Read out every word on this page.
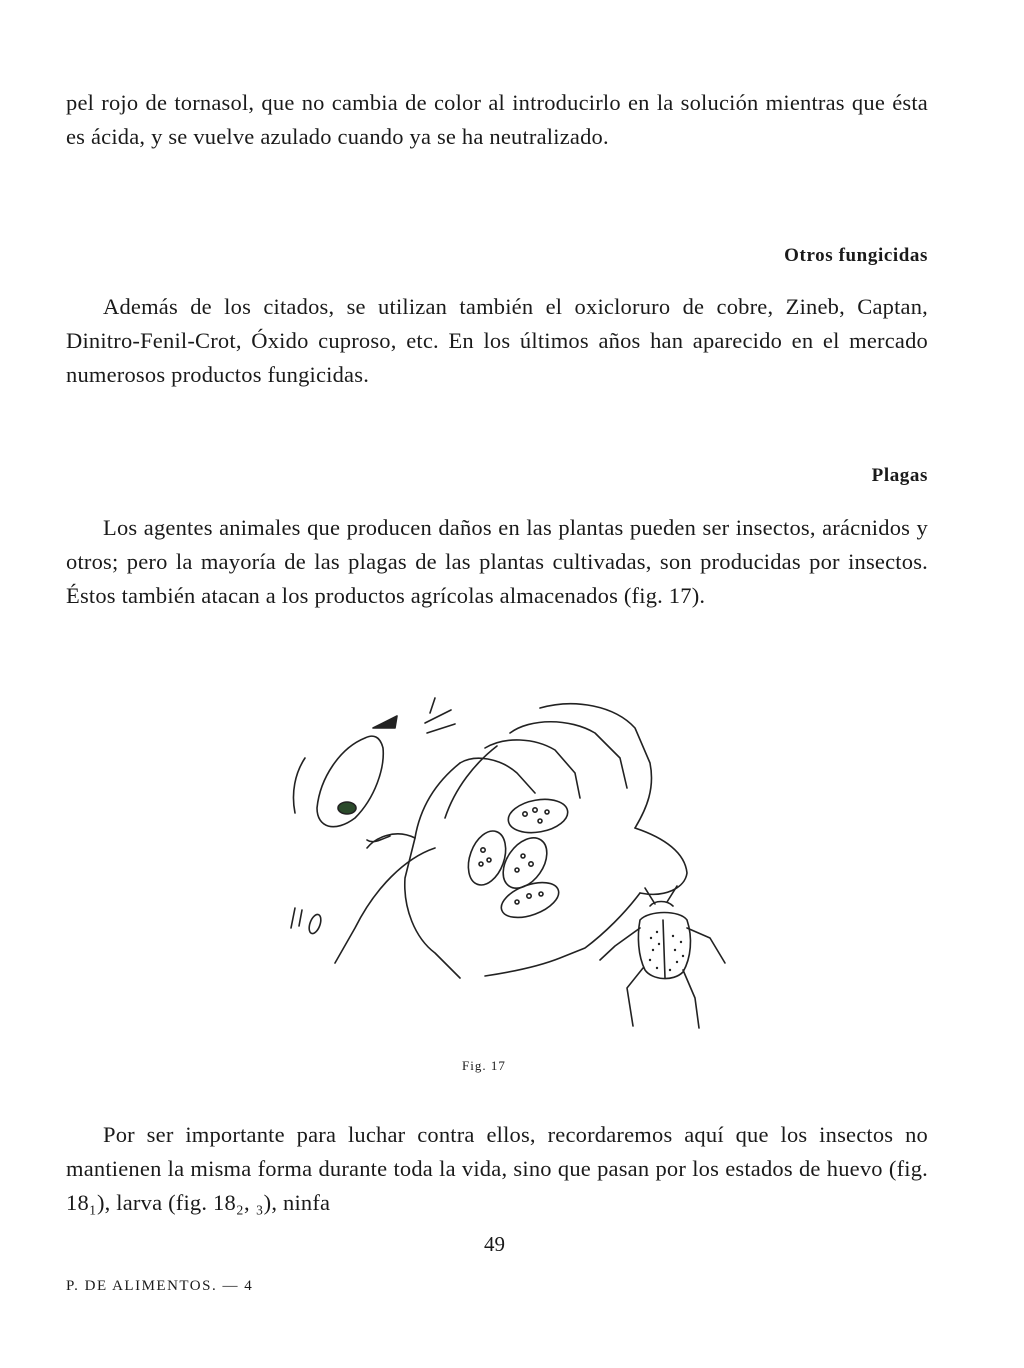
pel rojo de tornasol, que no cambia de color al introducirlo en la solución mientras que ésta es ácida, y se vuelve azulado cuando ya se ha neutralizado.

Otros fungicidas

Además de los citados, se utilizan también el oxicloruro de cobre, Zineb, Captan, Dinitro-Fenil-Crot, Óxido cuproso, etc. En los últimos años han aparecido en el mercado numerosos productos fungicidas.

Plagas

Los agentes animales que producen daños en las plantas pueden ser insectos, arácnidos y otros; pero la mayoría de las plagas de las plantas cultivadas, son producidas por insectos. Éstos también atacan a los productos agrícolas almacenados (fig. 17).

Fig. 17

Por ser importante para luchar contra ellos, recordaremos aquí que los insectos no mantienen la misma forma durante toda la vida, sino que pasan por los estados de huevo (fig. 18₁), larva (fig. 18₂, ₃), ninfa

49
P. DE ALIMENTOS. — 4
